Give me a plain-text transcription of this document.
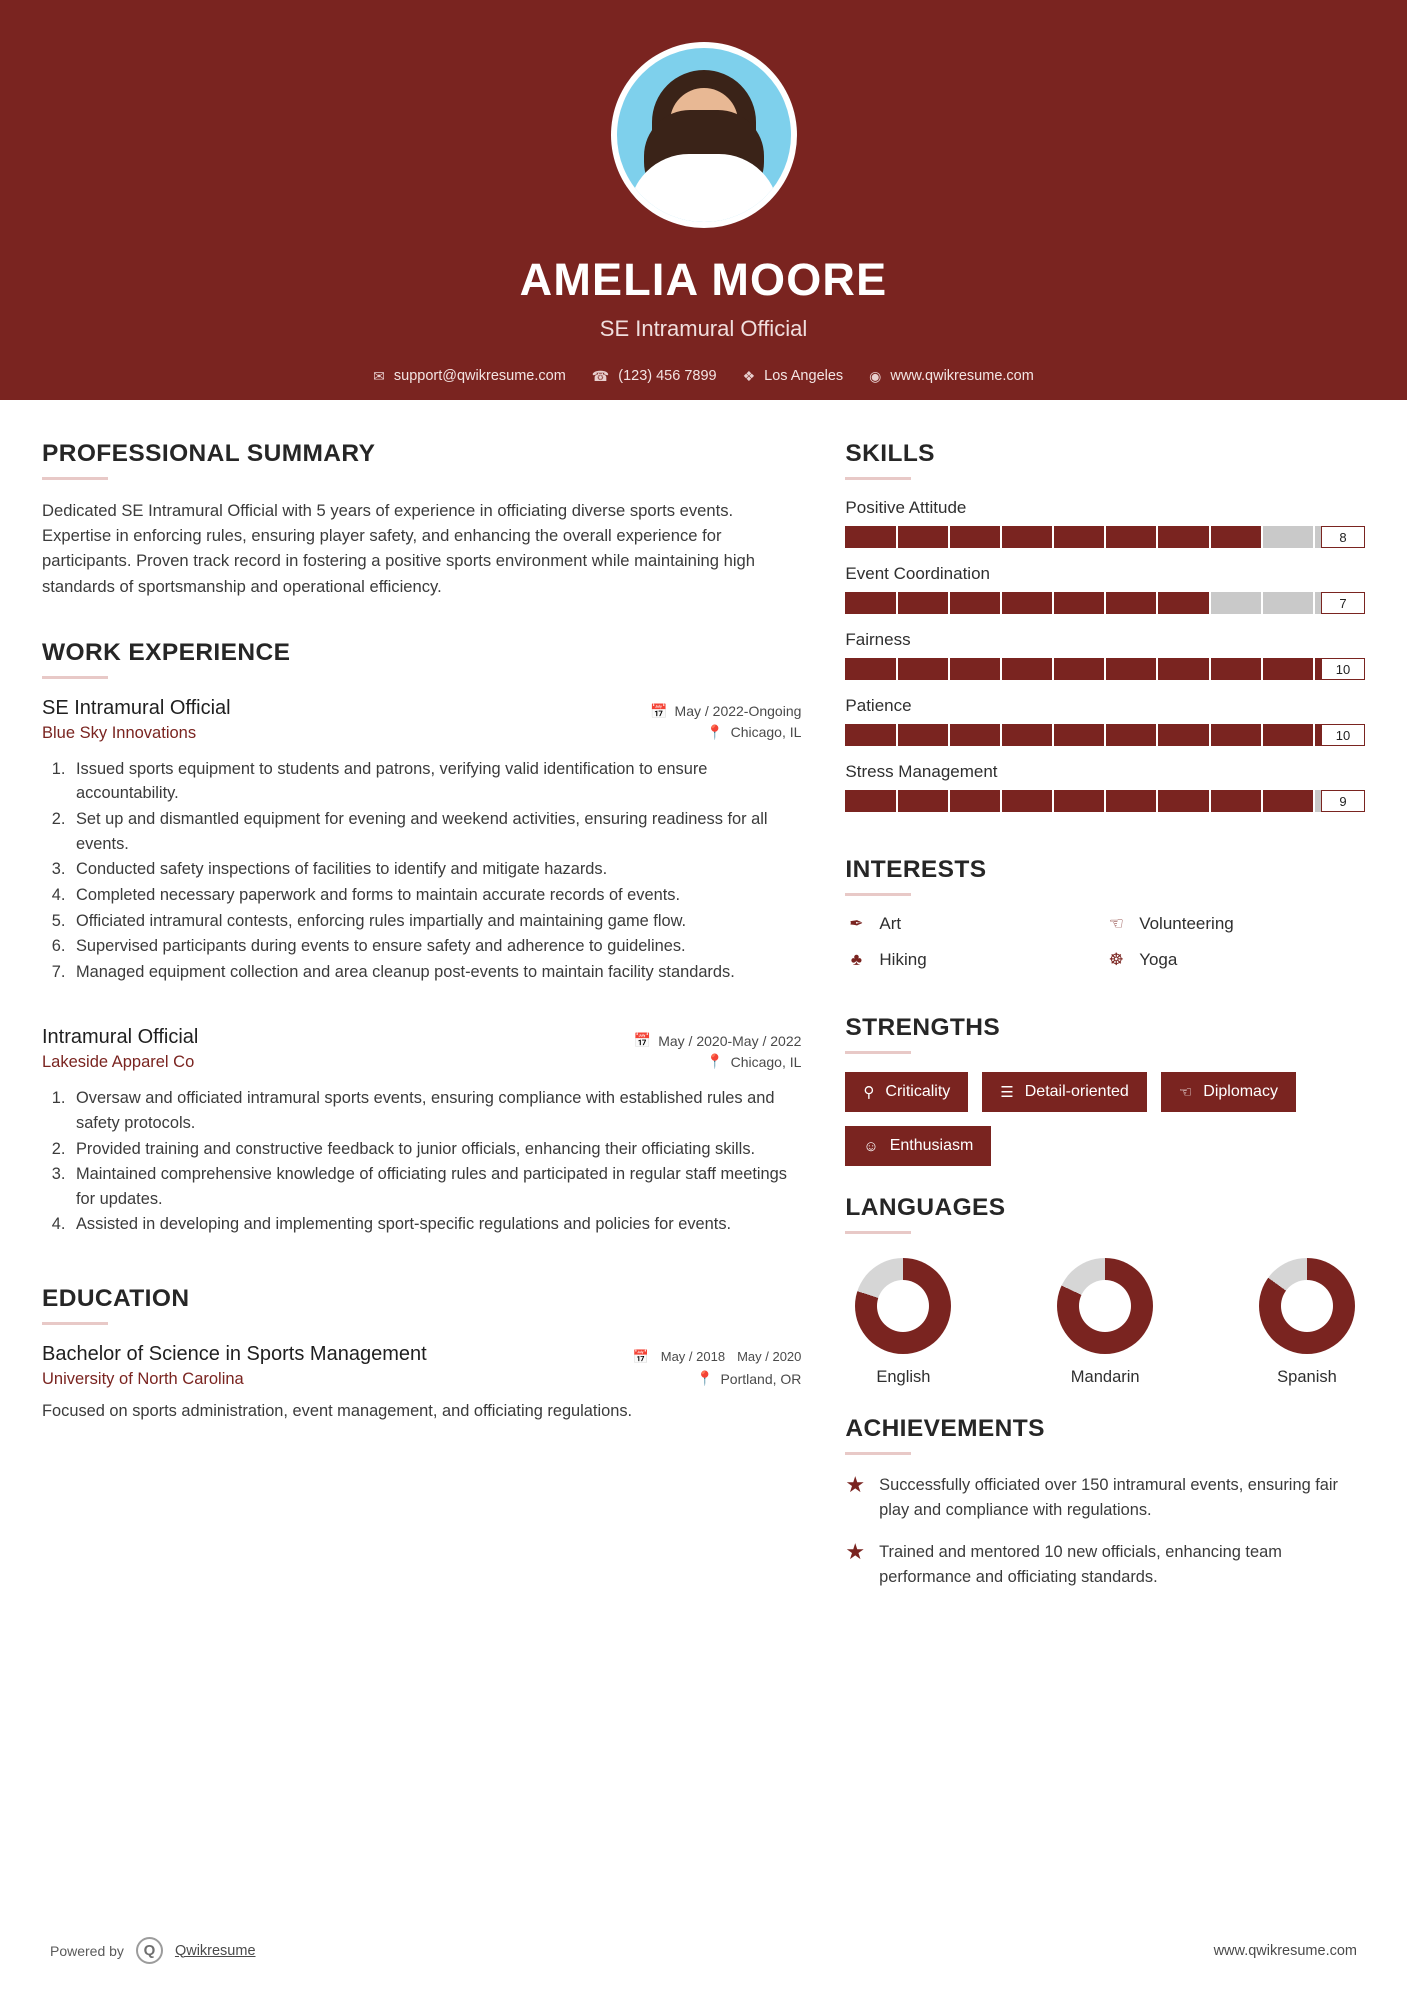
AMELIA MOORE
SE Intramural Official
✉ support@qwikresume.com ☎ (123) 456 7899 ❖ Los Angeles ◉ www.qwikresume.com
PROFESSIONAL SUMMARY

Dedicated SE Intramural Official with 5 years of experience in officiating diverse sports events. Expertise in enforcing rules, ensuring player safety, and enhancing the overall experience for participants. Proven track record in fostering a positive sports environment while maintaining high standards of sportsmanship and operational efficiency.

WORK EXPERIENCE
SE Intramural Official	📅 May / 2022-Ongoing
Blue Sky Innovations	📍 Chicago, IL
1. Issued sports equipment to students and patrons, verifying valid identification to ensure accountability.
2. Set up and dismantled equipment for evening and weekend activities, ensuring readiness for all events.
3. Conducted safety inspections of facilities to identify and mitigate hazards.
4. Completed necessary paperwork and forms to maintain accurate records of events.
5. Officiated intramural contests, enforcing rules impartially and maintaining game flow.
6. Supervised participants during events to ensure safety and adherence to guidelines.
7. Managed equipment collection and area cleanup post-events to maintain facility standards.
Intramural Official	📅 May / 2020-May / 2022
Lakeside Apparel Co	📍 Chicago, IL
1. Oversaw and officiated intramural sports events, ensuring compliance with established rules and safety protocols.
2. Provided training and constructive feedback to junior officials, enhancing their officiating skills.
3. Maintained comprehensive knowledge of officiating rules and participated in regular staff meetings for updates.
4. Assisted in developing and implementing sport-specific regulations and policies for events.
EDUCATION
Bachelor of Science in Sports Management	📅 May / 2018 May / 2020
University of North Carolina	📍 Portland, OR
Focused on sports administration, event management, and officiating regulations.
SKILLS
Positive Attitude
8
Event Coordination
7
Fairness
10
Patience
10
Stress Management
9
INTERESTS
✒ Art	☜ Volunteering
♣	Hiking	☸ Yoga
STRENGTHS
⚲ Criticality	☰ Detail-oriented	☜ Diplomacy
☺ Enthusiasm
LANGUAGES
English	Mandarin	Spanish
ACHIEVEMENTS
★ Successfully officiated over 150 intramural events, ensuring fair play and compliance with regulations.
★ Trained and mentored 10 new officials, enhancing team performance and officiating standards.
Powered by	Q	Qwikresume	www.qwikresume.com
